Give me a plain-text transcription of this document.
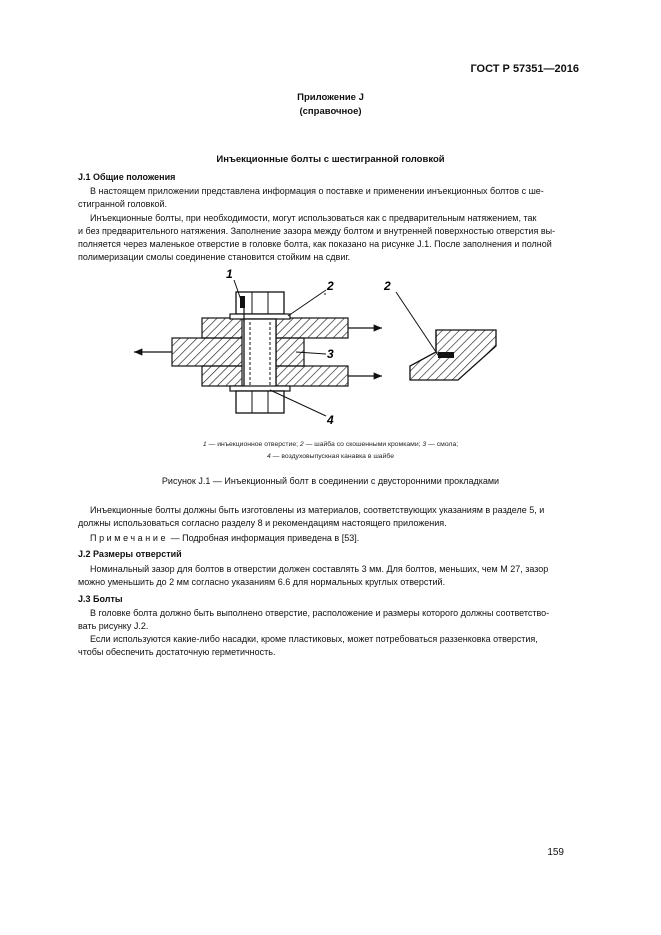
ГОСТ Р 57351—2016
Приложение J
(справочное)
Инъекционные болты с шестигранной головкой
J.1 Общие положения
В настоящем приложении представлена информация о поставке и применении инъекционных болтов с ше-
стигранной головкой.
Инъекционные болты, при необходимости, могут использоваться как с предварительным натяжением, так
и без предварительного натяжения. Заполнение зазора между болтом и внутренней поверхностью отверстия вы-
полняется через маленькое отверстие в головке болта, как показано на рисунке J.1. После заполнения и полной
полимеризации смолы соединение становится стойким на сдвиг.
1
2
3
4
2
1 — инъекционное отверстие; 2 — шайба со скошенными кромками; 3 — смола;
4 — воздуховыпускная канавка в шайбе
Рисунок J.1 — Инъекционный болт в соединении с двусторонними прокладками
Инъекционные болты должны быть изготовлены из материалов, соответствующих указаниям в разделе 5, и
должны использоваться согласно разделу 8 и рекомендациям настоящего приложения.
Примечание — Подробная информация приведена в [53].
J.2 Размеры отверстий
Номинальный зазор для болтов в отверстии должен составлять 3 мм. Для болтов, меньших, чем М 27, зазор
можно уменьшить до 2 мм согласно указаниям 6.6 для нормальных круглых отверстий.
J.3 Болты
В головке болта должно быть выполнено отверстие, расположение и размеры которого должны соответство-
вать рисунку J.2.
Если используются какие-либо насадки, кроме пластиковых, может потребоваться раззенковка отверстия,
чтобы обеспечить достаточную герметичность.
159
